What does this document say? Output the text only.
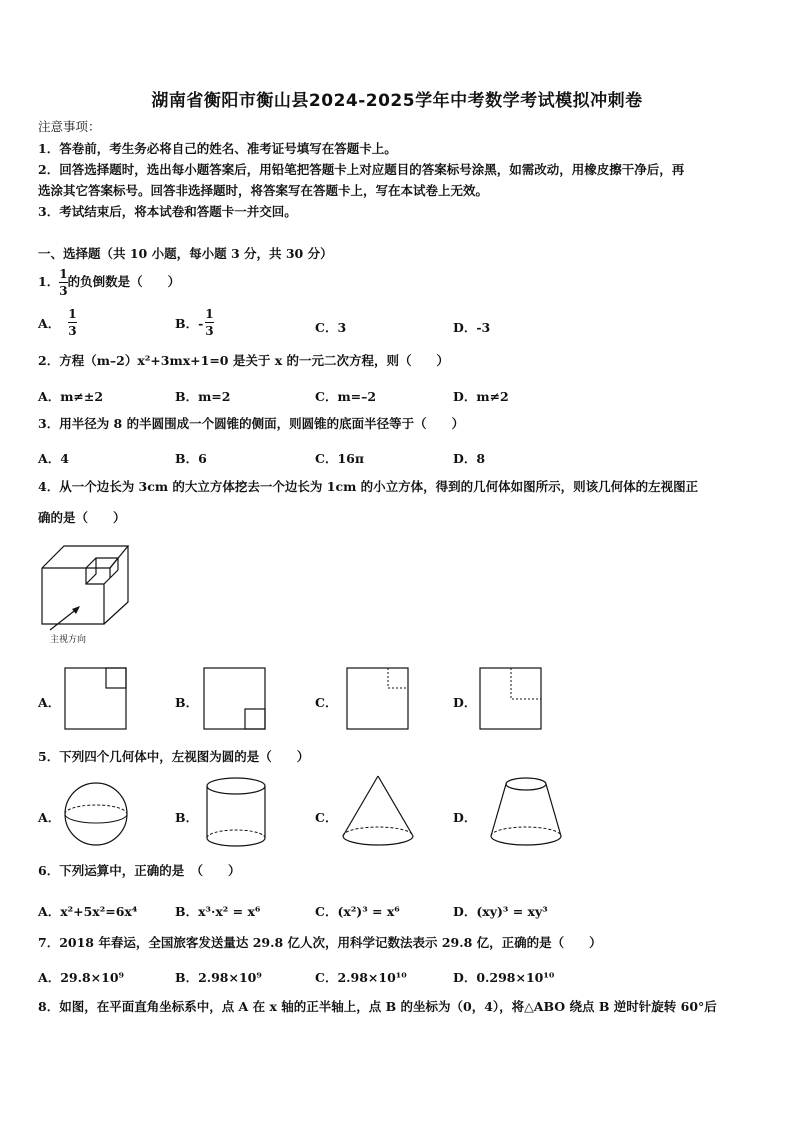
湖南省衡阳市衡山县2024-2025学年中考数学考试模拟冲刺卷
注意事项：
1．答卷前，考生务必将自己的姓名、准考证号填写在答题卡上。
2．回答选择题时，选出每小题答案后，用铅笔把答题卡上对应题目的答案标号涂黑，如需改动，用橡皮擦干净后，再
选涂其它答案标号。回答非选择题时，将答案写在答题卡上，写在本试卷上无效。
3．考试结束后，将本试卷和答题卡一并交回。
一、选择题（共 10 小题，每小题 3 分，共 30 分）
1． $\frac{1}{3}$ 的负倒数是（　　）
A． $\frac{1}{3}$	B．- $\frac{1}{3}$	C．3	D．-3
2．方程（m–2）x²+3mx+1=0 是关于 x 的一元二次方程，则（　　）
A．m≠±2	B．m=2	C．m=–2	D．m≠2
3．用半径为 8 的半圆围成一个圆锥的侧面，则圆锥的底面半径等于（　　）
A．4	B．6	C．16π	D．8
4．从一个边长为 3cm 的大立方体挖去一个边长为 1cm 的小立方体，得到的几何体如图所示，则该几何体的左视图正
确的是（　　）
主视方向
A．	B．	C．	D．
5．下列四个几何体中，左视图为圆的是（　　）
A．	B．	C．	D．
6．下列运算中，正确的是　（　　）
A．x²+5x²=6x⁴	B．x³·x² = x⁶	C．(x²)³ = x⁶	D．(xy)³ = xy³
7．2018 年春运，全国旅客发送量达 29.8 亿人次，用科学记数法表示 29.8 亿，正确的是（　　）
A．29.8×10⁹	B．2.98×10⁹	C．2.98×10¹⁰	D．0.298×10¹⁰
8．如图，在平面直角坐标系中，点 A 在 x 轴的正半轴上，点 B 的坐标为（0，4），将△ABO 绕点 B 逆时针旋转 60°后
